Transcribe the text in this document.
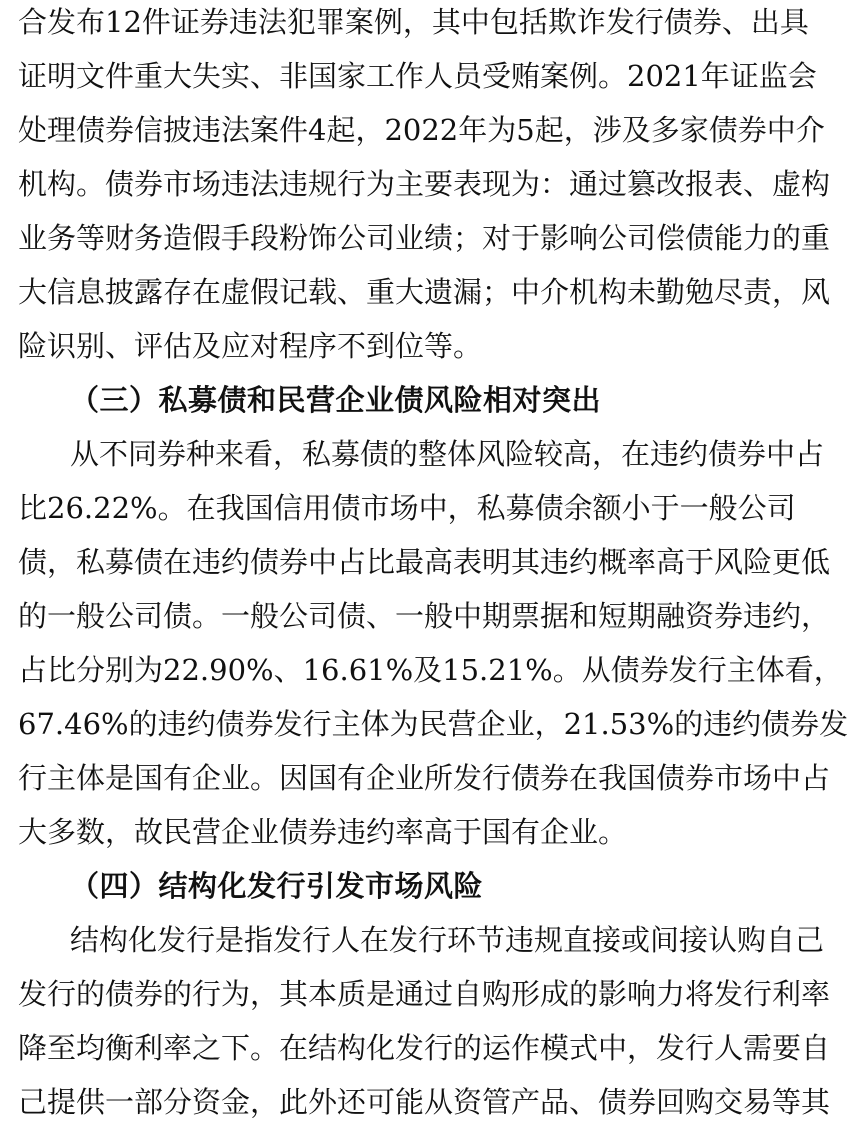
合发布12件证券违法犯罪案例，其中包括欺诈发行债券、出具
证明文件重大失实、非国家工作人员受贿案例。2021年证监会
处理债券信披违法案件4起，2022年为5起，涉及多家债券中介
机构。债券市场违法违规行为主要表现为：通过篡改报表、虚构
业务等财务造假手段粉饰公司业绩；对于影响公司偿债能力的重
大信息披露存在虚假记载、重大遗漏；中介机构未勤勉尽责，风
险识别、评估及应对程序不到位等。
（三）私募债和民营企业债风险相对突出
从不同券种来看，私募债的整体风险较高，在违约债券中占
比26.22%。在我国信用债市场中，私募债余额小于一般公司
债，私募债在违约债券中占比最高表明其违约概率高于风险更低
的一般公司债。一般公司债、一般中期票据和短期融资券违约，
占比分别为22.90%、16.61%及15.21%。从债券发行主体看，
67.46%的违约债券发行主体为民营企业，21.53%的违约债券发
行主体是国有企业。因国有企业所发行债券在我国债券市场中占
大多数，故民营企业债券违约率高于国有企业。
（四）结构化发行引发市场风险
结构化发行是指发行人在发行环节违规直接或间接认购自己
发行的债券的行为，其本质是通过自购形成的影响力将发行利率
降至均衡利率之下。在结构化发行的运作模式中，发行人需要自
己提供一部分资金，此外还可能从资管产品、债券回购交易等其
